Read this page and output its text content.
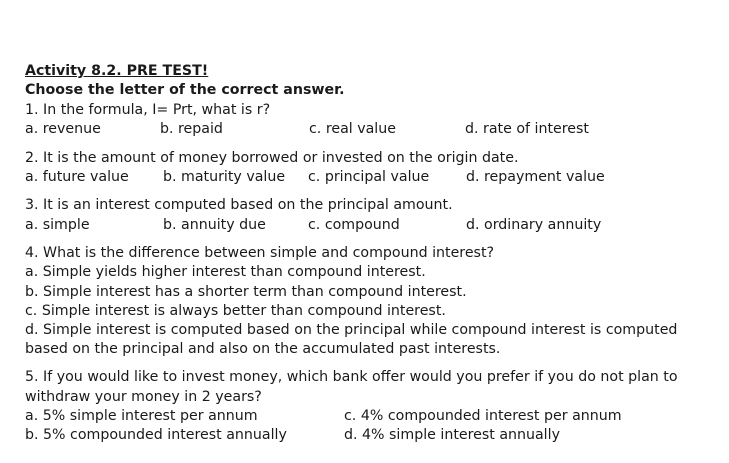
Activity 8.2. PRE TEST!
Choose the letter of the correct answer.
1. In the formula, I= Prt, what is r?
a. revenue	b. repaid	c. real value	d. rate of interest
2. It is the amount of money borrowed or invested on the origin date.
a. future value b. maturity value c. principal value	d. repayment value
3. It is an interest computed based on the principal amount.
a. simple	b. annuity due	c. compound	d. ordinary annuity
4. What is the difference between simple and compound interest?
a. Simple yields higher interest than compound interest.
b. Simple interest has a shorter term than compound interest.
c. Simple interest is always better than compound interest.
d. Simple interest is computed based on the principal while compound interest is computed
based on the principal and also on the accumulated past interests.
5. If you would like to invest money, which bank offer would you prefer if you do not plan to
withdraw your money in 2 years?
a. 5% simple interest per annum	c. 4% compounded interest per annum
b. 5% compounded interest annually	d. 4% simple interest annually
